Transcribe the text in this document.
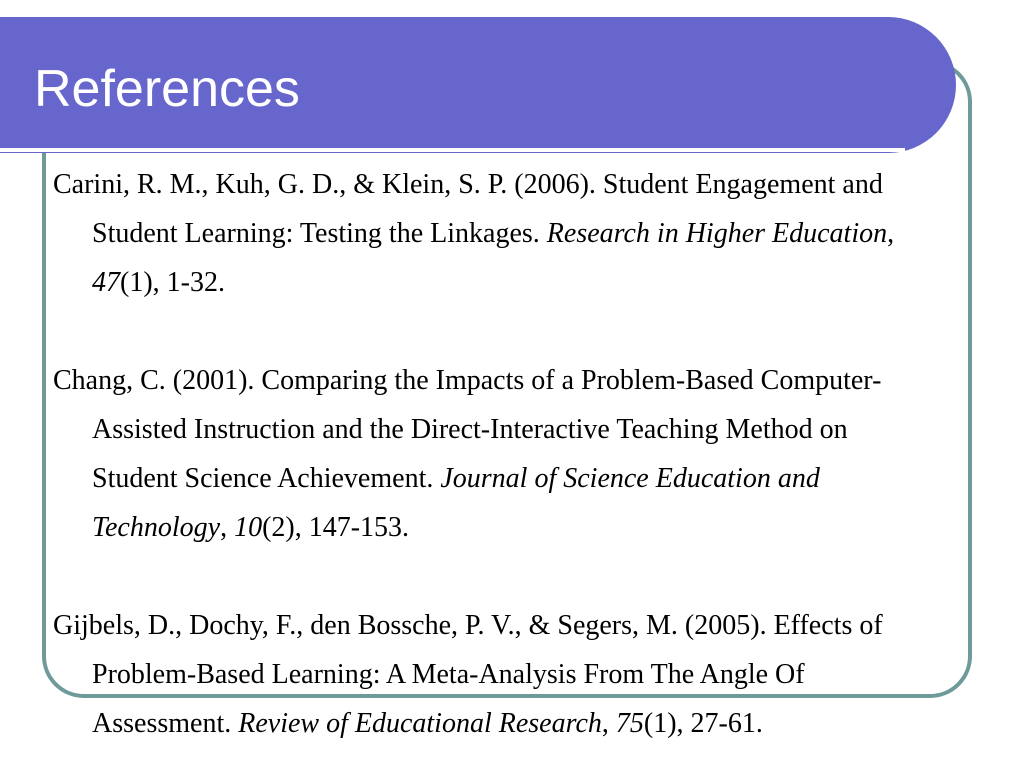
References

Carini, R. M., Kuh, G. D., & Klein, S. P. (2006). Student Engagement and Student Learning: Testing the Linkages. Research in Higher Education, 47(1), 1-32.

Chang, C. (2001). Comparing the Impacts of a Problem-Based Computer-Assisted Instruction and the Direct-Interactive Teaching Method on Student Science Achievement. Journal of Science Education and Technology, 10(2), 147-153.

Gijbels, D., Dochy, F., den Bossche, P. V., & Segers, M. (2005). Effects of Problem-Based Learning: A Meta-Analysis From The Angle Of Assessment. Review of Educational Research, 75(1), 27-61.
